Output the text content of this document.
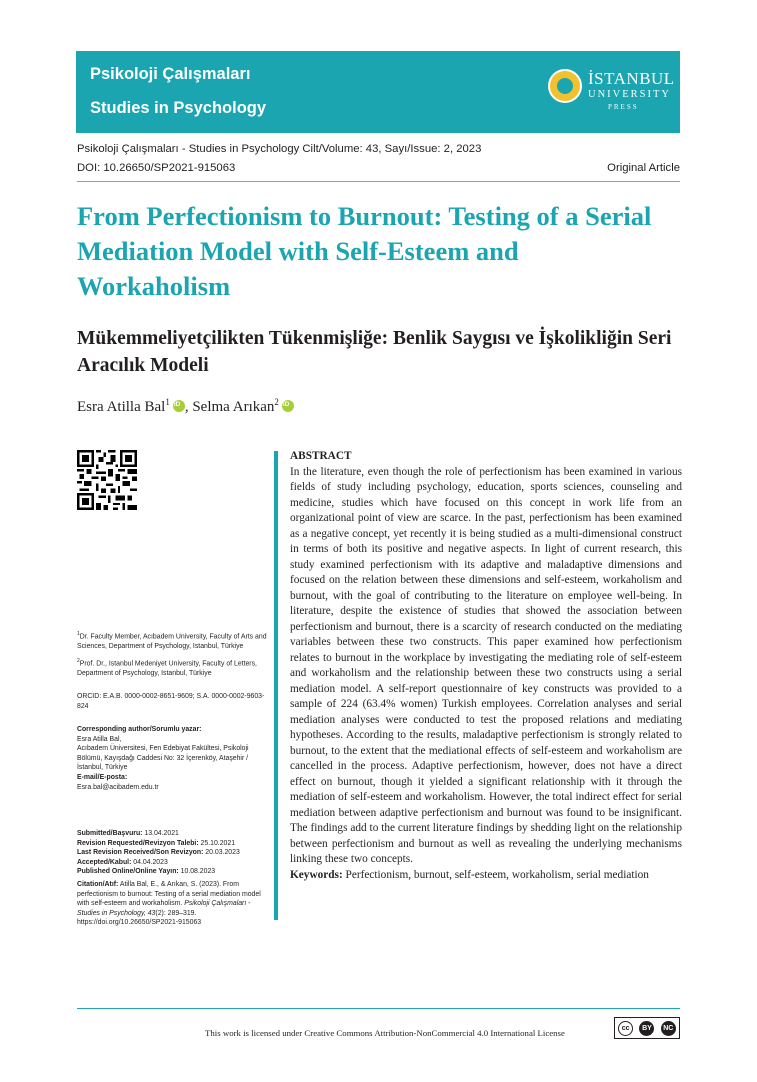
Psikoloji Çalışmaları
Studies in Psychology
İSTANBUL
UNIVERSITY
PRESS
Psikoloji Çalışmaları - Studies in Psychology Cilt/Volume: 43, Sayı/Issue: 2, 2023
DOI: 10.26650/SP2021-915063	Original Article
From Perfectionism to Burnout: Testing of a Serial Mediation Model with Self-Esteem and Workaholism
Mükemmeliyetçilikten Tükenmişliğe: Benlik Saygısı ve İşkolikliğin Seri Aracılık Modeli
Esra Atilla Bal$^1$iD , Selma Arıkan$^2$iD

$^1$Dr. Faculty Member, Acıbadem University, Faculty of Arts and Sciences, Department of Psychology, Istanbul, Türkiye

$^2$Prof. Dr., Istanbul Medeniyet University, Faculty of Letters, Department of Psychology, Istanbul, Türkiye

ORCID: E.A.B. 0000-0002-8651-9609; S.A. 0000-0002-9603-824

Corresponding author/Sorumlu yazar:

Esra Atilla Bal,

Acıbadem Üniversitesi, Fen Edebiyat Fakültesi, Psikoloji Bölümü, Kayışdağı Caddesi No: 32 İçerenköy, Ataşehir /İstanbul, Türkiye

E-mail/E-posta:

Esra.bal@acibadem.edu.tr

Submitted/Başvuru: 13.04.2021

Revision Requested/Revizyon Talebi: 25.10.2021

Last Revision Received/Son Revizyon: 20.03.2023

Accepted/Kabul: 04.04.2023

Published Online/Online Yayın: 10.08.2023

Citation/Atıf: Atilla Bal, E., & Arıkan, S. (2023). From perfectionism to burnout: Testing of a serial mediation model with self-esteem and workaholism. Psikoloji Çalışmaları - Studies in Psychology, 43(2): 289–319.

https://doi.org/10.26650/SP2021-915063

ABSTRACT

In the literature, even though the role of perfectionism has been examined in various fields of study including psychology, education, sports sciences, counseling and medicine, studies which have focused on this concept in work life from an organizational point of view are scarce. In the past, perfectionism has been examined as a negative concept, yet recently it is being studied as a multi-dimensional construct in terms of both its positive and negative aspects. In light of current research, this study examined perfectionism with its adaptive and maladaptive dimensions and focused on the relation between these dimensions and self-esteem, workaholism and burnout, with the goal of contributing to the literature on employee well-being. In literature, despite the existence of studies that showed the association between perfectionism and burnout, there is a scarcity of research conducted on the mediating variables between these two constructs. This paper examined how perfectionism relates to burnout in the workplace by investigating the mediating role of self-esteem and workaholism and the relationship between these two constructs using a serial mediation model. A self-report questionnaire of key constructs was provided to a sample of 224 (63.4% women) Turkish employees. Correlation analyses and serial mediation analyses were conducted to test the proposed relations and mediating hypotheses. According to the results, maladaptive perfectionism is strongly related to burnout, to the extent that the mediational effects of self-esteem and workaholism are cancelled in the process. Adaptive perfectionism, however, does not have a direct effect on burnout, though it yielded a significant relationship with it through the mediation of self-esteem and workaholism. However, the total indirect effect for serial mediation between adaptive perfectionism and burnout was found to be insignificant. The findings add to the current literature findings by shedding light on the relationship between perfectionism and burnout as well as revealing the underlying mechanisms linking these two concepts.

Keywords: Perfectionism, burnout, self-esteem, workaholism, serial mediation

This work is licensed under Creative Commons Attribution-NonCommercial 4.0 International License	cc	BY	NC
